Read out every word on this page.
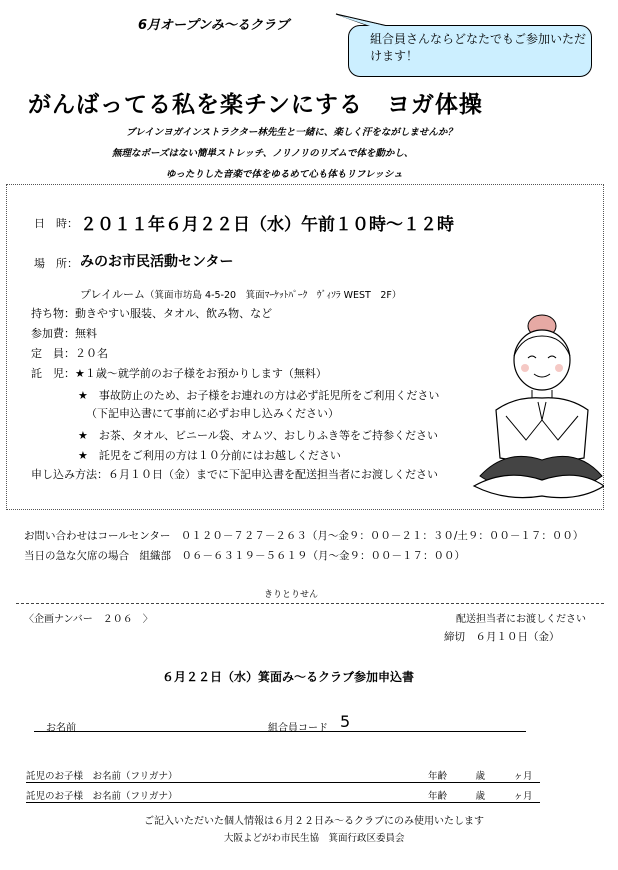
6月オープンみ～るクラブ
組合員さんならどなたでもご参加いただけます！
がんばってる私を楽チンにする　ヨガ体操
ブレインヨガインストラクター林先生と一緒に、楽しく汗をながしませんか？
無理なポーズはない簡単ストレッチ、ノリノリのリズムで体を動かし、
ゆったりした音楽で体をゆるめて心も体もリフレッシュ
日　時： ２０１１年６月２２日（水）午前１０時～１２時
場　所： みのお市民活動センター
プレイルーム（箕面市坊島 4-5-20　箕面ﾏｰｹｯﾄﾊﾟｰｸ　ｳﾞｨｿﾗ WEST　2F）
持ち物：動きやすい服装、タオル、飲み物、など
参加費：無料
定　員：２０名
託　児：★１歳～就学前のお子様をお預かりします（無料）
★　事故防止のため、お子様をお連れの方は必ず託児所をご利用ください
（下記申込書にて事前に必ずお申し込みください）
★　お茶、タオル、ビニール袋、オムツ、おしりふき等をご持参ください
★　託児をご利用の方は１０分前にはお越しください
申し込み方法：６月１０日（金）までに下記申込書を配送担当者にお渡しください
お問い合わせはコールセンター　０１２０－７２７－２６３（月～金９：００－２１：３０/土９：００－１７：００）
当日の急な欠席の場合　組織部　０６－６３１９－５６１９（月～金９：００－１７：００）
きりとりせん
〈企画ナンバー　２０６　〉	配送担当者にお渡しください
締切　６月１０日（金）
６月２２日（水）箕面み～るクラブ参加申込書
お名前	組合員コード 5
託児のお子様　お名前（フリガナ）	年齢　　　歳　　　ヶ月
託児のお子様　お名前（フリガナ）	年齢　　　歳　　　ヶ月
ご記入いただいた個人情報は６月２２日み～るクラブにのみ使用いたします
大阪よどがわ市民生協　箕面行政区委員会
